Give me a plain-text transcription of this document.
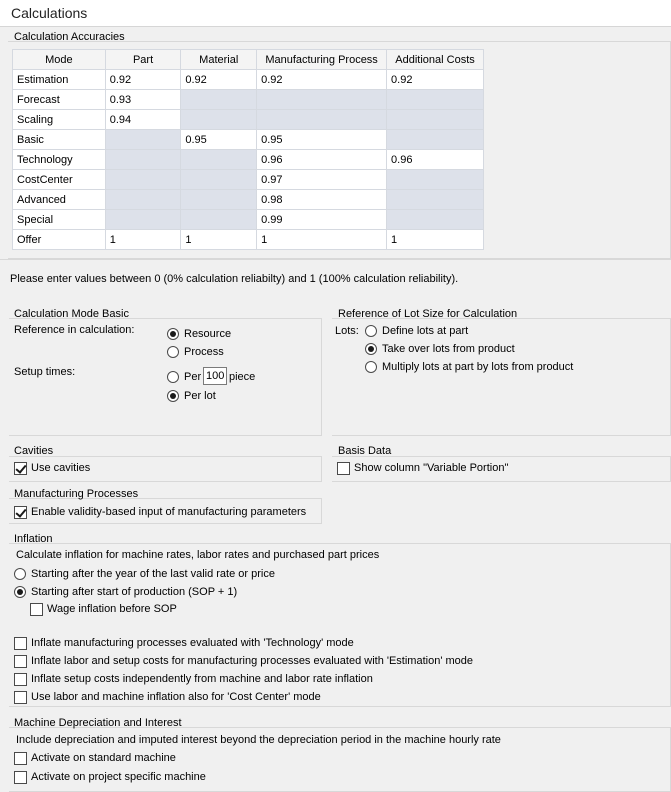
Calculations
Calculation Accuracies
Mode	Part	Material	Manufacturing Process	Additional Costs
Estimation	0.92	0.92	0.92	0.92
Forecast	0.93			
Scaling	0.94			
Basic		0.95	0.95	
Technology			0.96	0.96
CostCenter			0.97	
Advanced			0.98	
Special			0.99	
Offer	1	1	1	1
Please enter values between 0 (0% calculation reliabilty) and 1 (100% calculation reliability).
Calculation Mode Basic
Reference in calculation:	Resource
Process
Setup times:	Per 100 piece
Per lot
Reference of Lot Size for Calculation
Lots: Define lots at part
Take over lots from product
Multiply lots at part by lots from product
Cavities
Use cavities
Basis Data
Show column "Variable Portion"
Manufacturing Processes
Enable validity-based input of manufacturing parameters
Inflation
Calculate inflation for machine rates, labor rates and purchased part prices
Starting after the year of the last valid rate or price
Starting after start of production (SOP + 1)
Wage inflation before SOP
Inflate manufacturing processes evaluated with 'Technology' mode
Inflate labor and setup costs for manufacturing processes evaluated with 'Estimation' mode
Inflate setup costs independently from machine and labor rate inflation
Use labor and machine inflation also for 'Cost Center' mode
Machine Depreciation and Interest
Include depreciation and imputed interest beyond the depreciation period in the machine hourly rate
Activate on standard machine
Activate on project specific machine
